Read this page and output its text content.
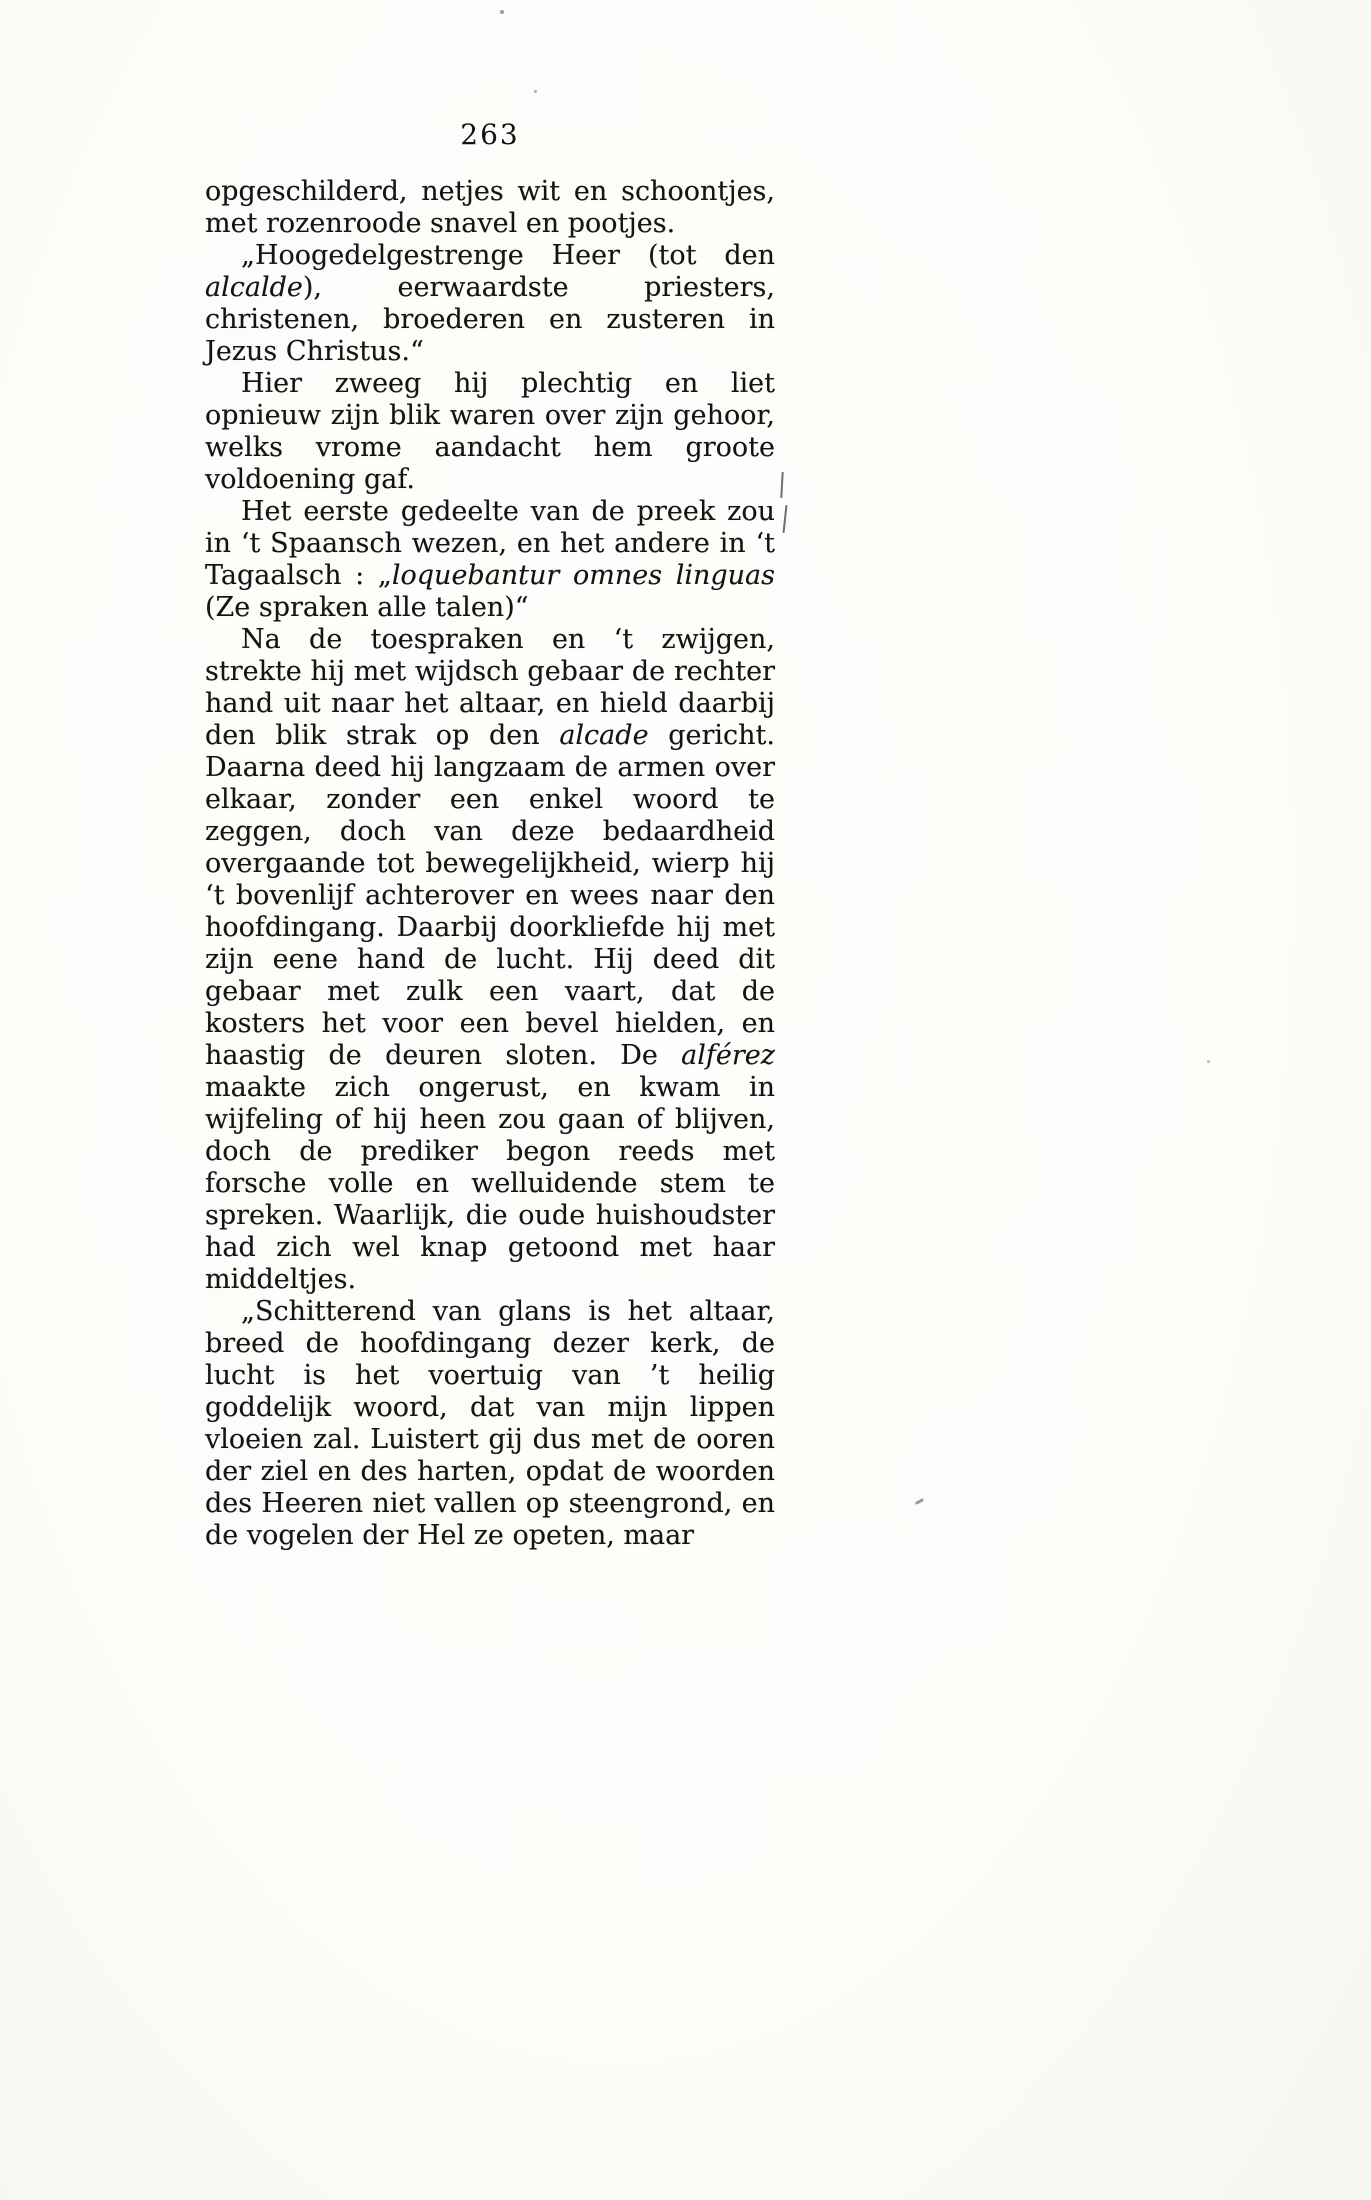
263

opgeschilderd, netjes wit en schoontjes, met rozenroode snavel en pootjes.

„Hoogedelgestrenge Heer (tot den alcalde), eerwaardste priesters, christenen, broederen en zusteren in Jezus Christus.“

Hier zweeg hij plechtig en liet opnieuw zijn blik waren over zijn gehoor, welks vrome aandacht hem groote voldoening gaf.

Het eerste gedeelte van de preek zou in ‘t Spaansch wezen, en het andere in ‘t Tagaalsch : „loquebantur omnes linguas (Ze spraken alle talen)“

Na de toespraken en ‘t zwijgen, strekte hij met wijdsch gebaar de rechter hand uit naar het altaar, en hield daarbij den blik strak op den alcade gericht. Daarna deed hij langzaam de armen over elkaar, zonder een enkel woord te zeggen, doch van deze bedaardheid overgaande tot bewegelijkheid, wierp hij ‘t bovenlijf achterover en wees naar den hoofdingang. Daarbij doorkliefde hij met zijn eene hand de lucht. Hij deed dit gebaar met zulk een vaart, dat de kosters het voor een bevel hielden, en haastig de deuren sloten. De alférez maakte zich ongerust, en kwam in wijfeling of hij heen zou gaan of blijven, doch de prediker begon reeds met forsche volle en welluidende stem te spreken. Waarlijk, die oude huishoudster had zich wel knap getoond met haar middeltjes.

„Schitterend van glans is het altaar, breed de hoofdingang dezer kerk, de lucht is het voertuig van ’t heilig goddelijk woord, dat van mijn lippen vloeien zal. Luistert gij dus met de ooren der ziel en des harten, opdat de woorden des Heeren niet vallen op steengrond, en de vogelen der Hel ze opeten, maar
